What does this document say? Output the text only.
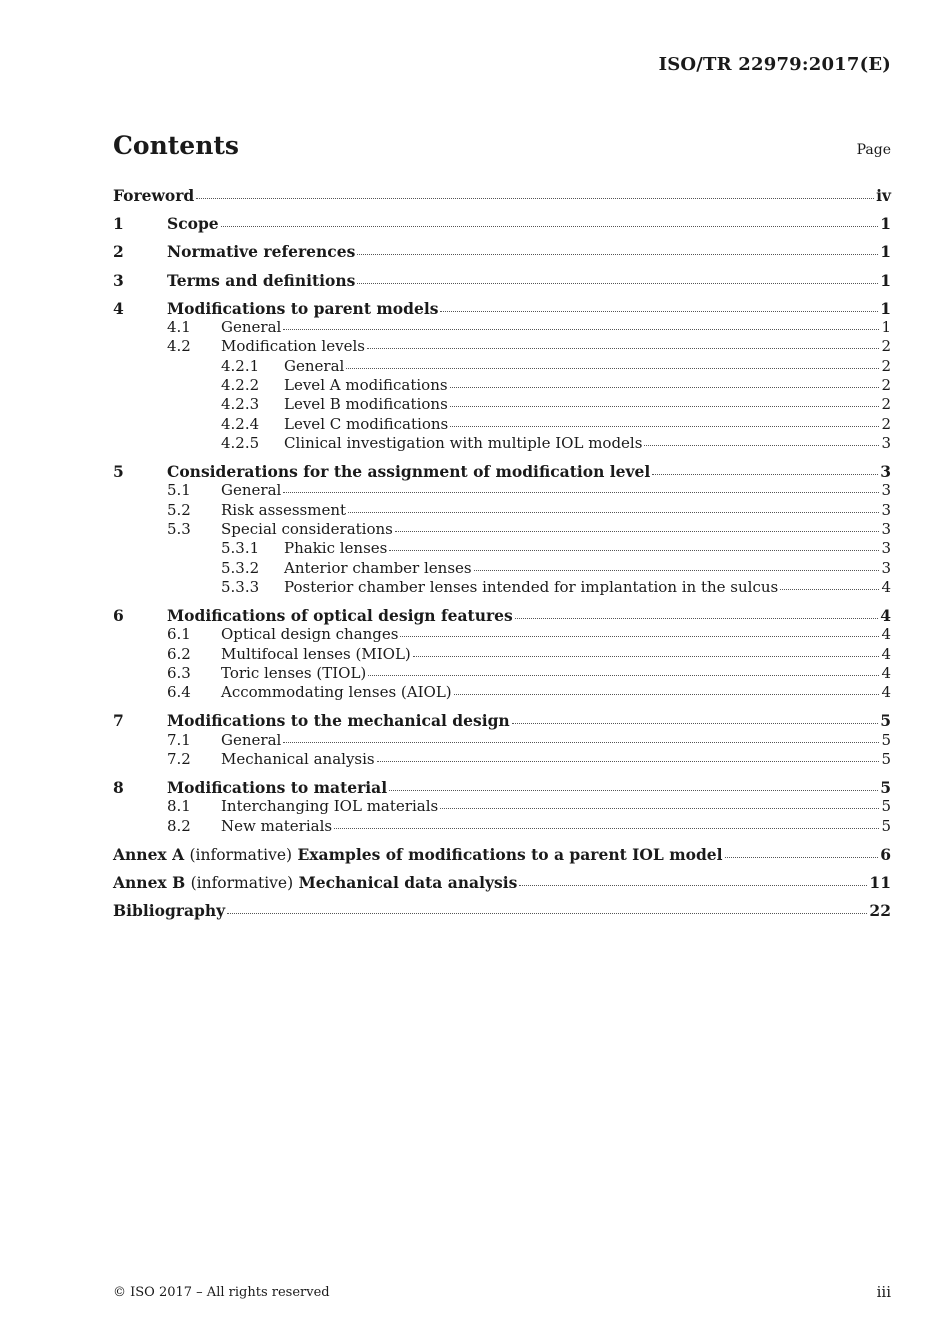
ISO/TR 22979:2017(E)
Contents	Page
Foreword	iv
1	Scope	1
2	Normative references	1
3	Terms and definitions	1
4	Modifications to parent models	1
4.1	General	1
4.2	Modification levels	2
4.2.1	General	2
4.2.2	Level A modifications	2
4.2.3	Level B modifications	2
4.2.4	Level C modifications	2
4.2.5	Clinical investigation with multiple IOL models	3
5	Considerations for the assignment of modification level	3
5.1	General	3
5.2	Risk assessment	3
5.3	Special considerations	3
5.3.1	Phakic lenses	3
5.3.2	Anterior chamber lenses	3
5.3.3	Posterior chamber lenses intended for implantation in the sulcus	4
6	Modifications of optical design features	4
6.1	Optical design changes	4
6.2	Multifocal lenses (MIOL)	4
6.3	Toric lenses (TIOL)	4
6.4	Accommodating lenses (AIOL)	4
7	Modifications to the mechanical design	5
7.1	General	5
7.2	Mechanical analysis	5
8	Modifications to material	5
8.1	Interchanging IOL materials	5
8.2	New materials	5
Annex A (informative) Examples of modifications to a parent IOL model	6
Annex B (informative) Mechanical data analysis	11
Bibliography	22
© ISO 2017 – All rights reserved	iii
